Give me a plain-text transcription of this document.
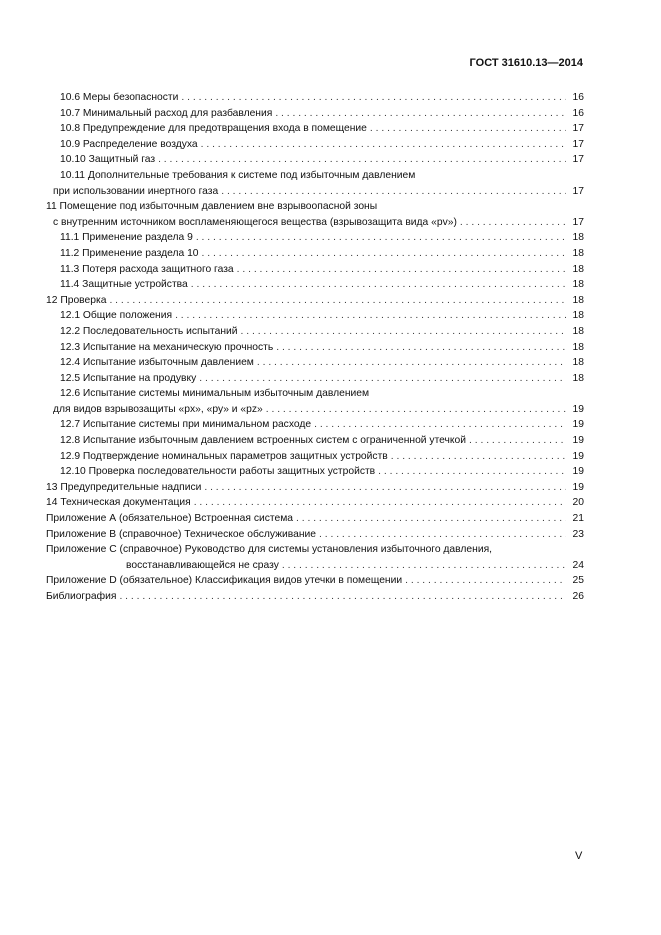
ГОСТ 31610.13—2014
10.6 Меры безопасности . . .	16
10.7 Минимальный расход для разбавления . . .	16
10.8 Предупреждение для предотвращения входа в помещение . . .	17
10.9 Распределение воздуха . . .	17
10.10 Защитный газ . . .	17
10.11 Дополнительные требования к системе под избыточным давлением
при использовании инертного газа . . .	17
11 Помещение под избыточным давлением вне взрывоопасной зоны
с внутренним источником воспламеняющегося вещества (взрывозащита вида «pv») . . .	17
11.1 Применение раздела 9 . . .	18
11.2 Применение раздела 10 . . .	18
11.3 Потеря расхода защитного газа . . .	18
11.4 Защитные устройства . . .	18
12 Проверка . . .	18
12.1 Общие положения . . .	18
12.2 Последовательность испытаний . . .	18
12.3 Испытание на механическую прочность . . .	18
12.4 Испытание избыточным давлением . . .	18
12.5 Испытание на продувку . . .	18
12.6 Испытание системы минимальным избыточным давлением
для видов взрывозащиты «px», «py» и «pz» . . .	19
12.7 Испытание системы при минимальном расходе . . .	19
12.8 Испытание избыточным давлением встроенных систем с ограниченной утечкой . . .	19
12.9 Подтверждение номинальных параметров защитных устройств . . .	19
12.10 Проверка последовательности работы защитных устройств . . .	19
13 Предупредительные надписи . . .	19
14 Техническая документация . . .	20
Приложение А (обязательное) Встроенная система . . .	21
Приложение В (справочное) Техническое обслуживание . . .	23
Приложение С (справочное) Руководство для системы установления избыточного давления,
восстанавливающейся не сразу . . .	24
Приложение D (обязательное) Классификация видов утечки в помещении . . .	25
Библиография . . .	26
V
